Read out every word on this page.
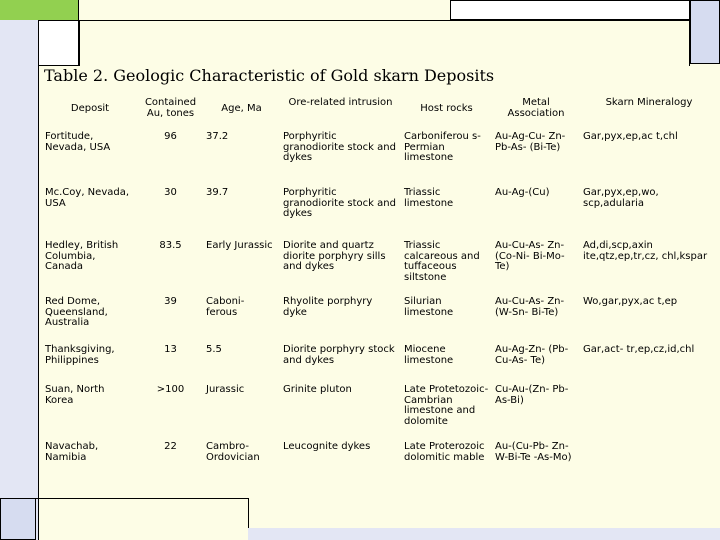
Table 2. Geologic Characteristic of Gold skarn Deposits
Deposit	Contained Au, tones	Age, Ma	Ore-related intrusion	Host rocks	Metal Association	Skarn Mineralogy
Fortitude, Nevada, USA	96	37.2	Porphyritic granodiorite stock and dykes	Carboniferou s-Permian limestone	Au-Ag-Cu- Zn-Pb-As- (Bi-Te)	Gar,pyx,ep,ac t,chl
Mc.Coy, Nevada, USA	30	39.7	Porphyritic granodiorite stock and dykes	Triassic limestone	Au-Ag-(Cu)	Gar,pyx,ep,wo, scp,adularia
Hedley, British Columbia, Canada	83.5	Early Jurassic	Diorite and quartz diorite porphyry sills and dykes	Triassic calcareous and tuffaceous siltstone	Au-Cu-As- Zn-(Co-Ni- Bi-Mo-Te)	Ad,di,scp,axin ite,qtz,ep,tr,cz, chl,kspar
Red Dome, Queensland, Australia	39	Caboni- ferous	Rhyolite porphyry dyke	Silurian limestone	Au-Cu-As- Zn-(W-Sn- Bi-Te)	Wo,gar,pyx,ac t,ep
Thanksgiving, Philippines	13	5.5	Diorite porphyry stock and dykes	Miocene limestone	Au-Ag-Zn- (Pb-Cu-As- Te)	Gar,act- tr,ep,cz,id,chl
Suan, North Korea	>100	Jurassic	Grinite pluton	Late Protetozoic- Cambrian limestone and dolomite	Cu-Au-(Zn- Pb-As-Bi)	
Navachab, Namibia	22	Cambro- Ordovician	Leucognite dykes	Late Proterozoic dolomitic mable	Au-(Cu-Pb- Zn-W-Bi-Te -As-Mo)	
